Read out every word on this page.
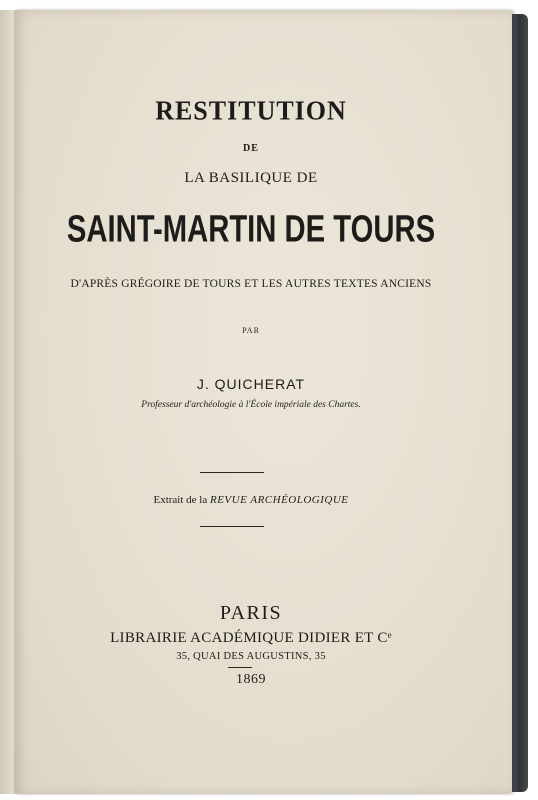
RESTITUTION
DE
LA BASILIQUE DE
SAINT-MARTIN DE TOURS
D'APRÈS GRÉGOIRE DE TOURS ET LES AUTRES TEXTES ANCIENS
PAR
J. QUICHERAT
Professeur d'archéologie à l'École impériale des Chartes.
Extrait de la REVUE ARCHÉOLOGIQUE
PARIS
LIBRAIRIE ACADÉMIQUE DIDIER ET Cᵉ
35, QUAI DES AUGUSTINS, 35
1869
